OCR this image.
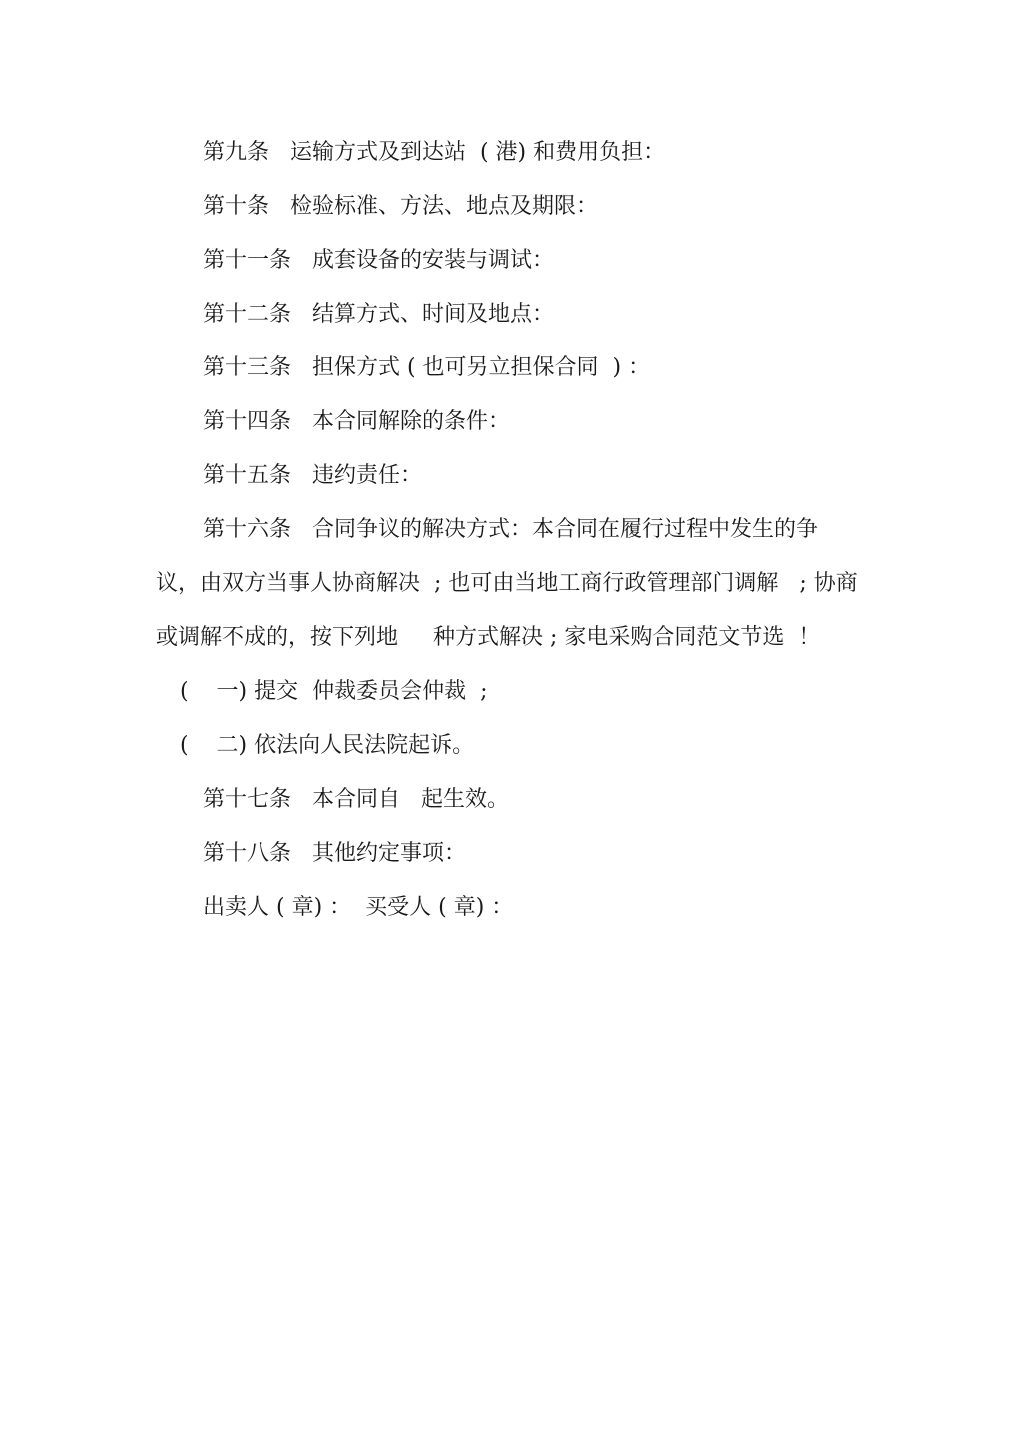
第九条   运输方式及到达站  ( 港) 和费用负担：
第十条   检验标准、方法、地点及期限：
第十一条   成套设备的安装与调试：
第十二条   结算方式、时间及地点：
第十三条   担保方式 ( 也可另立担保合同  ) ：
第十四条   本合同解除的条件：
第十五条   违约责任：
第十六条   合同争议的解决方式：本合同在履行过程中发生的争
议，由双方当事人协商解决  ; 也可由当地工商行政管理部门调解   ; 协商
或调解不成的，按下列地     种方式解决 ; 家电采购合同范文节选  ！
(    一) 提交  仲裁委员会仲裁  ;
(    二) 依法向人民法院起诉。
第十七条   本合同自   起生效。
第十八条   其他约定事项：
出卖人 ( 章) ：  买受人 ( 章) ：
